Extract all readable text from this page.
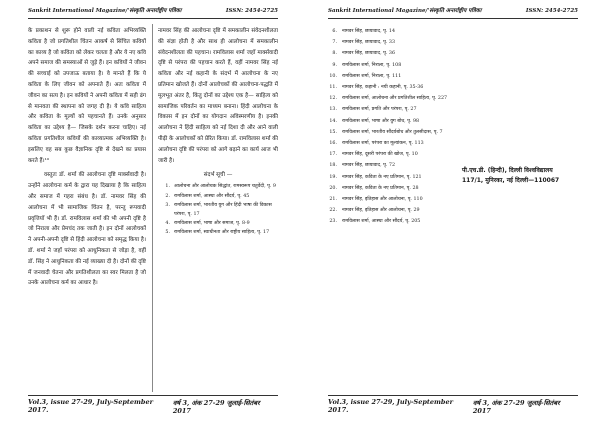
Sankrit International Magazine/'संस्कृति अन्तर्राष्ट्रीय पत्रिका	ISSN: 2454-2725

के प्रकाशन से शुरू होने वाली नई कविता अभिव्यक्ति कविता है जो प्रगतिशील चिंतन आकर्ष से सिंचित कवियों का काव्य है जो कविता को लेकर चलता है और ये नए कवि अपने समाज की समस्याओं से जुड़े हैं। इन कवियों ने जीवन की सच्चाई को उपजाऊ बताया है। वे मानते हैं कि ये कविता के लिए जीवन को अपनाते हैं। अतः कविता में जीवन का सत्य है। इन कवियों ने अपनी कविता में सही ढंग से मानवता की स्थापना को जगह दी है। ये कवि साहित्य और कविता के मूल्यों को पहचानते हैं। उनके अनुसार कविता का उद्देश्य है— जिसके दर्शन करना चाहिए। नई कविता प्रगतिशील कवियों की काव्यात्मक अभिव्यक्ति है। इसलिए वह सब कुछ वैज्ञानिक दृष्टि से देखने का प्रयास करते हैं।¹⁰

वस्तुतः डॉ. शर्मा की आलोचना दृष्टि मार्क्सवादी है। उन्होंने आलोचना कर्म के द्वारा यह दिखाया है कि साहित्य और समाज में गहरा संबंध है। डॉ. नामवर सिंह की आलोचना में भी सामाजिक चिंतन है, परन्तु रूपवादी प्रवृत्तियाँ भी हैं। डॉ. रामविलास शर्मा की भी अपनी दृष्टि है जो निराला और प्रेमचंद तक जाती है। इन दोनों आलोचकों ने अपनी-अपनी दृष्टि से हिंदी आलोचना को समृद्ध किया है। डॉ. शर्मा ने जहाँ परंपरा को आधुनिकता से जोड़ा है, वहीं डॉ. सिंह ने आधुनिकता की नई व्याख्या दी है। दोनों की दृष्टि में जनवादी चेतना और प्रगतिशीलता का स्वर मिलता है जो उनके आलोचना कर्म का आधार है।

नामवर सिंह की आलोचना दृष्टि में समकालीन संवेदनशीलता की संज्ञा होती है और साथ ही आलोचना में समकालीन संवेदनशीलता की पहचान। रामविलास शर्मा जहाँ मार्क्सवादी दृष्टि से परंपरा की पहचान करते हैं, वहीं नामवर सिंह नई कविता और नई कहानी के संदर्भ में आलोचना के नए प्रतिमान खोजते हैं। दोनों आलोचकों की आलोचना-पद्धति में मूलभूत अंतर है, किंतु दोनों का उद्देश्य एक है— साहित्य को सामाजिक परिवर्तन का माध्यम बनाना। हिंदी आलोचना के विकास में इन दोनों का योगदान अविस्मरणीय है। इनकी आलोचना ने हिंदी साहित्य को नई दिशा दी और आने वाली पीढ़ी के आलोचकों को प्रेरित किया। डॉ. रामविलास शर्मा की आलोचना दृष्टि की परंपरा को आगे बढ़ाने का कार्य आज भी जारी है।

संदर्भ सूची —
1. आलोचना और आलोचक सिद्धांत, रामस्वरूप चतुर्वेदी, पृ. 9
2. रामविलास शर्मा, आस्था और सौंदर्य, पृ. 45
3. रामविलास शर्मा, भारतीय युग और हिंदी भाषा की विकास परंपरा, पृ. 17
4. रामविलास शर्मा, भाषा और समाज, पृ. 8-9
5. रामविलास शर्मा, स्वाधीनता और राष्ट्रीय साहित्य, पृ. 17
Vol.3, issue 27-29, July-September 2017.
वर्ष 3, अंक 27-29 जुलाई-सितंबर 2017
Sankrit International Magazine/'संस्कृति अन्तर्राष्ट्रीय पत्रिका	ISSN: 2454-2725
6.	नामवर सिंह, छायावाद, पृ. 14
7.	नामवर सिंह, छायावाद, पृ. 33
8.	नामवर सिंह, छायावाद, पृ. 36
9.	रामविलास शर्मा, निराला, पृ. 108
10.	रामविलास शर्मा, निराला, पृ. 111
11.	नामवर सिंह, कहानी : नयी कहानी, पृ. 35-36
12.	रामविलास शर्मा, आलोचना और प्रगतिशील साहित्य, पृ. 227
13.	रामविलास शर्मा, प्रगति और परंपरा, पृ. 27
14.	रामविलास शर्मा, भाषा और युग बोध, पृ. 98
15.	रामविलास शर्मा, भारतीय सौंदर्यबोध और तुलसीदास, पृ. 7
16.	रामविलास शर्मा, परंपरा का मूल्यांकन, पृ. 113
17.	नामवर सिंह, दूसरी परंपरा की खोज, पृ. 10
18.	नामवर सिंह, छायावाद, पृ. 72
19.	नामवर सिंह, कविता के नए प्रतिमान, पृ. 121
20.	नामवर सिंह, कविता के नए प्रतिमान, पृ. 28
21.	नामवर सिंह, इतिहास और आलोचना, पृ. 110
22.	नामवर सिंह, इतिहास और आलोचना, पृ. 29
23.	रामविलास शर्मा, आस्था और सौंदर्य, पृ. 205
पी.एच.डी. (हिन्दी), दिल्ली विश्वविद्यालय
117/1, मुनिरका, नई दिल्ली—110067
Vol.3, issue 27-29, July-September 2017.
वर्ष 3, अंक 27-29 जुलाई-सितंबर 2017
